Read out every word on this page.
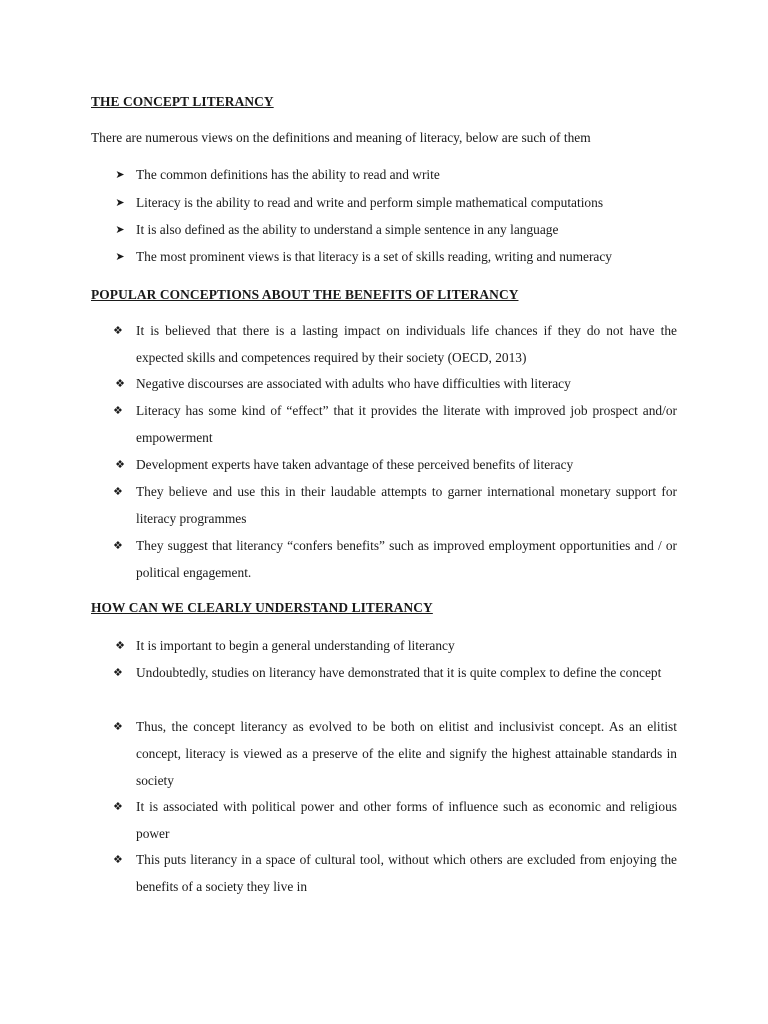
THE CONCEPT LITERANCY

There are numerous views on the definitions and meaning of literacy, below are such of them

➤ The common definitions has the ability to read and write
➤ Literacy is the ability to read and write and perform simple mathematical computations
➤ It is also defined as the ability to understand a simple sentence in any language
➤ The most prominent views is that literacy is a set of skills reading, writing and numeracy
POPULAR CONCEPTIONS ABOUT THE BENEFITS OF LITERANCY
❖ It is believed that there is a lasting impact on individuals life chances if they do not have the expected skills and competences required by their society (OECD, 2013)
❖ Negative discourses are associated with adults who have difficulties with literacy
❖ Literacy has some kind of “effect” that it provides the literate with improved job prospect and/or empowerment
❖ Development experts have taken advantage of these perceived benefits of literacy
❖ They believe and use this in their laudable attempts to garner international monetary support for literacy programmes
❖ They suggest that literancy “confers benefits” such as improved employment opportunities and / or political engagement.
HOW CAN WE CLEARLY UNDERSTAND LITERANCY
❖ It is important to begin a general understanding of literancy
❖ Undoubtedly, studies on literancy have demonstrated that it is quite complex to define the concept
❖ Thus, the concept literancy as evolved to be both on elitist and inclusivist concept. As an elitist concept, literacy is viewed as a preserve of the elite and signify the highest attainable standards in society
❖ It is associated with political power and other forms of influence such as economic and religious power
❖ This puts literancy in a space of cultural tool, without which others are excluded from enjoying the benefits of a society they live in
